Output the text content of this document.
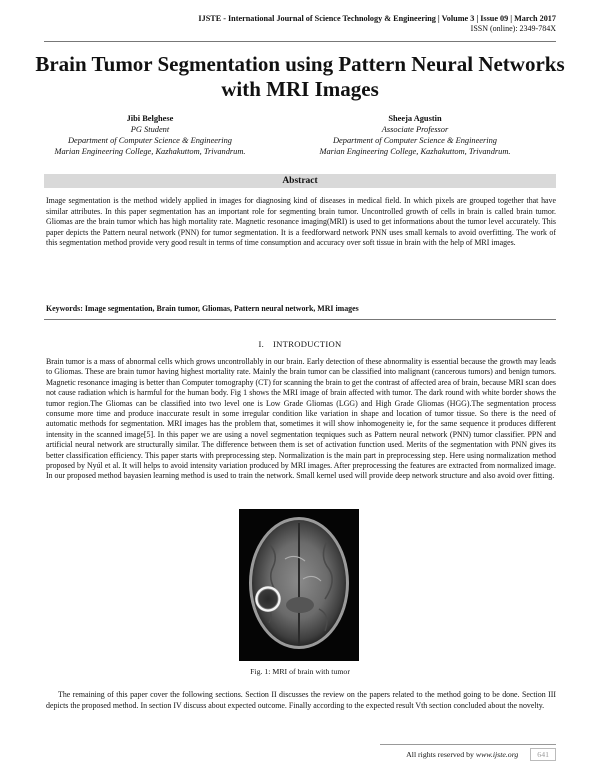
IJSTE - International Journal of Science Technology & Engineering | Volume 3 | Issue 09 | March 2017
ISSN (online): 2349-784X
Brain Tumor Segmentation using Pattern Neural Networks with MRI Images
Jibi Belghese
PG Student
Department of Computer Science & Engineering
Marian Engineering College, Kazhakuttom, Trivandrum.
Sheeja Agustin
Associate Professor
Department of Computer Science & Engineering
Marian Engineering College, Kazhakuttom, Trivandrum.
Abstract

Image segmentation is the method widely applied in images for diagnosing kind of diseases in medical field. In which pixels are grouped together that have similar attributes. In this paper segmentation has an important role for segmenting brain tumor. Uncontrolled growth of cells in brain is called brain tumor. Gliomas are the brain tumor which has high mortality rate. Magnetic resonance imaging(MRI) is used to get informations about the tumor level accurately. This paper depicts the Pattern neural network (PNN) for tumor segmentation. It is a feedforward network PNN uses small kernals to avoid overfitting. The work of this segmentation method provide very good result in terms of time consumption and accuracy over soft tissue in brain with the help of MRI images.

Keywords: Image segmentation, Brain tumor, Gliomas, Pattern neural network, MRI images
I. INTRODUCTION

Brain tumor is a mass of abnormal cells which grows uncontrollably in our brain. Early detection of these abnormality is essential because the growth may leads to Gliomas. These are brain tumor having highest mortality rate. Mainly the brain tumor can be classified into malignant (cancerous tumors) and benign tumors. Magnetic resonance imaging is better than Computer tomography (CT) for scanning the brain to get the contrast of affected area of brain, because MRI scan does not cause radiation which is harmful for the human body. Fig 1 shows the MRI image of brain affected with tumor. The dark round with white border shows the tumor region.The Gliomas can be classified into two level one is Low Grade Gliomas (LGG) and High Grade Gliomas (HGG).The segmentation process consume more time and produce inaccurate result in some irregular condition like variation in shape and location of tumor tissue. So there is the need of automatic methods for segmentation. MRI images has the problem that, sometimes it will show inhomogeneity ie, for the same sequence it produces different intensity in the scanned image[5]. In this paper we are using a novel segmentation teqniques such as Pattern neural network (PNN) tumor classifier. PPN and artificial neural network are structurally similar. The difference between them is set of activation function used. Merits of the segmentation with PNN gives its better classification efficiency. This paper starts with preprocessing step. Normalization is the main part in preprocessing step. Here using normalization method proposed by Nyúl et al. It will helps to avoid intensity variation produced by MRI images. After preprocessing the features are extracted from normalized image. In our proposed method bayasien learning method is used to train the network. Small kernel used will provide deep network structure and also avoid over fitting.

Fig. 1: MRI of brain with tumor

The remaining of this paper cover the following sections. Section II discusses the review on the papers related to the method going to be done. Section III depicts the proposed method. In section IV discuss about expected outcome. Finally according to the expected result Vth section concluded about the novelty.

All rights reserved by www.ijste.org 641
